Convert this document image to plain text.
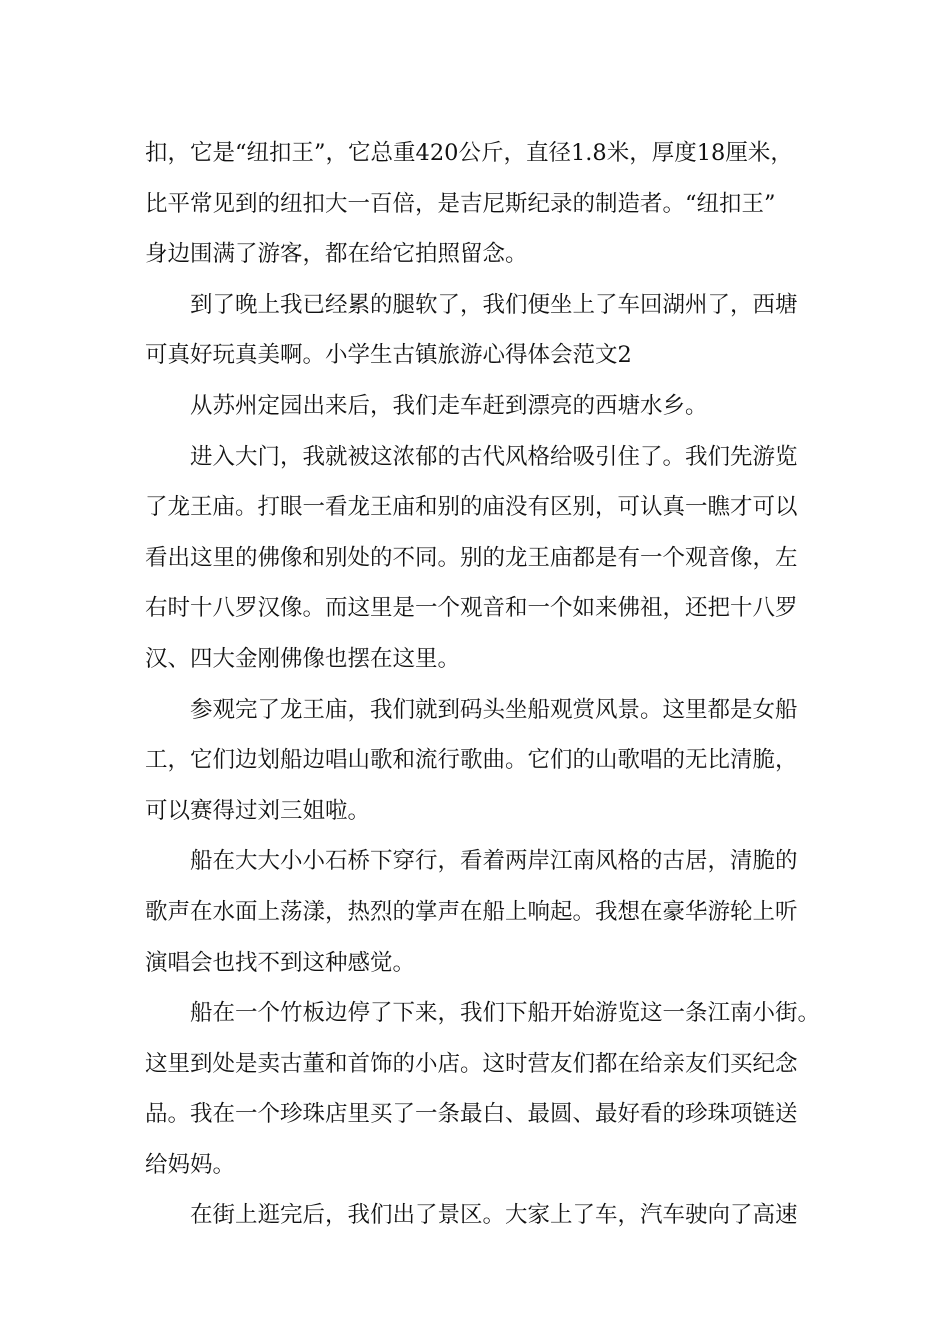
扣，它是“纽扣王”，它总重420公斤，直径1.8米，厚度18厘米，
比平常见到的纽扣大一百倍，是吉尼斯纪录的制造者。“纽扣王”
身边围满了游客，都在给它拍照留念。
到了晚上我已经累的腿软了，我们便坐上了车回湖州了，西塘
可真好玩真美啊。小学生古镇旅游心得体会范文2
从苏州定园出来后，我们走车赶到漂亮的西塘水乡。
进入大门，我就被这浓郁的古代风格给吸引住了。我们先游览
了龙王庙。打眼一看龙王庙和别的庙没有区别，可认真一瞧才可以
看出这里的佛像和别处的不同。别的龙王庙都是有一个观音像，左
右时十八罗汉像。而这里是一个观音和一个如来佛祖，还把十八罗
汉、四大金刚佛像也摆在这里。
参观完了龙王庙，我们就到码头坐船观赏风景。这里都是女船
工，它们边划船边唱山歌和流行歌曲。它们的山歌唱的无比清脆，
可以赛得过刘三姐啦。
船在大大小小石桥下穿行，看着两岸江南风格的古居，清脆的
歌声在水面上荡漾，热烈的掌声在船上响起。我想在豪华游轮上听
演唱会也找不到这种感觉。
船在一个竹板边停了下来，我们下船开始游览这一条江南小街。
这里到处是卖古董和首饰的小店。这时营友们都在给亲友们买纪念
品。我在一个珍珠店里买了一条最白、最圆、最好看的珍珠项链送
给妈妈。
在街上逛完后，我们出了景区。大家上了车，汽车驶向了高速
